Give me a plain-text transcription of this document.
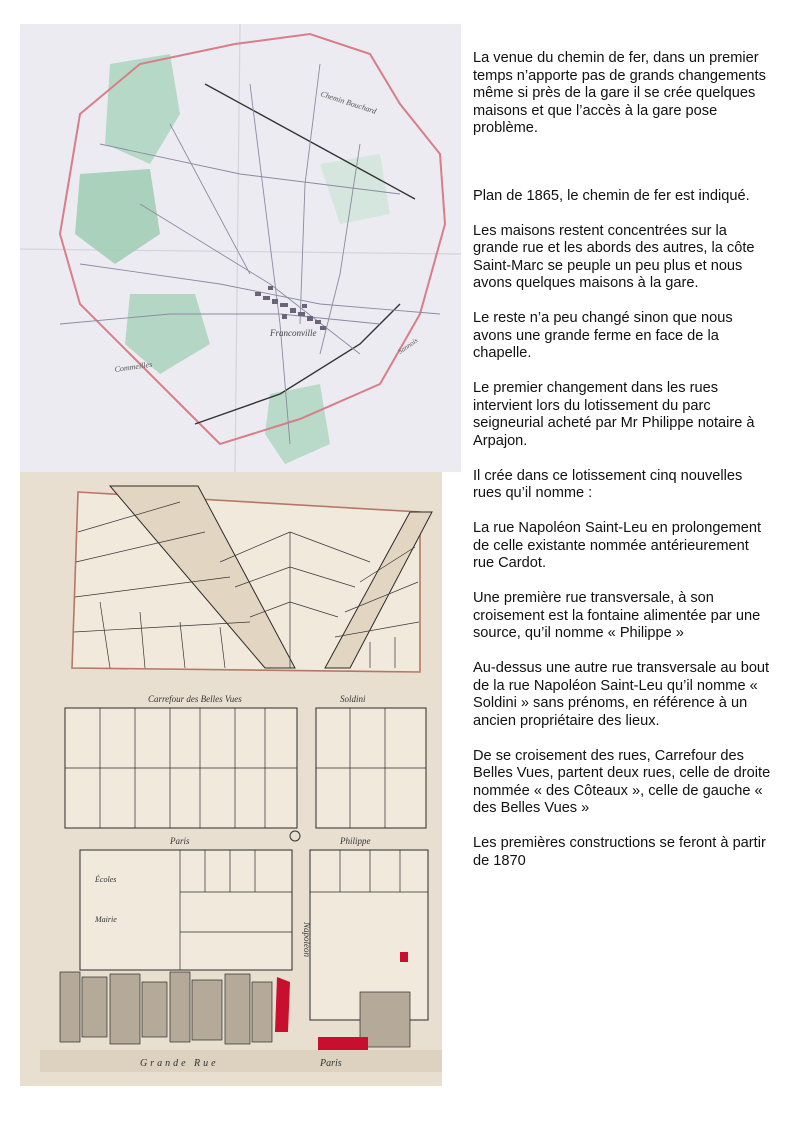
Franconville
Chemin Bouchard
Commeilles
Sannois
Carrefour des Belles Vues	Soldini
Paris	Philippe
Napoléon
Écoles
Mairie
Grande Rue	Paris

La venue du chemin de fer, dans un premier temps n’apporte pas de grands changements même si près de la gare il se crée quelques maisons et que l’accès à la gare pose problème.

Plan de 1865, le chemin de fer est indiqué.

Les maisons restent concentrées sur la grande rue et les abords des autres, la côte Saint-Marc se peuple un peu plus et nous avons quelques maisons à la gare.

Le reste n’a peu changé sinon que nous avons une grande ferme en face de la chapelle.

Le premier changement dans les rues intervient lors du lotissement du parc seigneurial acheté par Mr Philippe notaire à Arpajon.

Il crée dans ce lotissement cinq nouvelles rues qu’il nomme :

La rue Napoléon Saint-Leu en prolongement de celle existante nommée antérieurement rue Cardot.

Une première rue transversale, à son croisement est la fontaine alimentée par une source, qu’il nomme « Philippe »

Au-dessus une autre rue transversale au bout de la rue Napoléon Saint-Leu qu’il nomme « Soldini » sans prénoms, en référence à un ancien propriétaire des lieux.

De se croisement des rues, Carrefour des Belles Vues, partent deux rues, celle de droite nommée « des Côteaux », celle de gauche « des Belles Vues »

Les premières constructions se feront à partir de 1870
